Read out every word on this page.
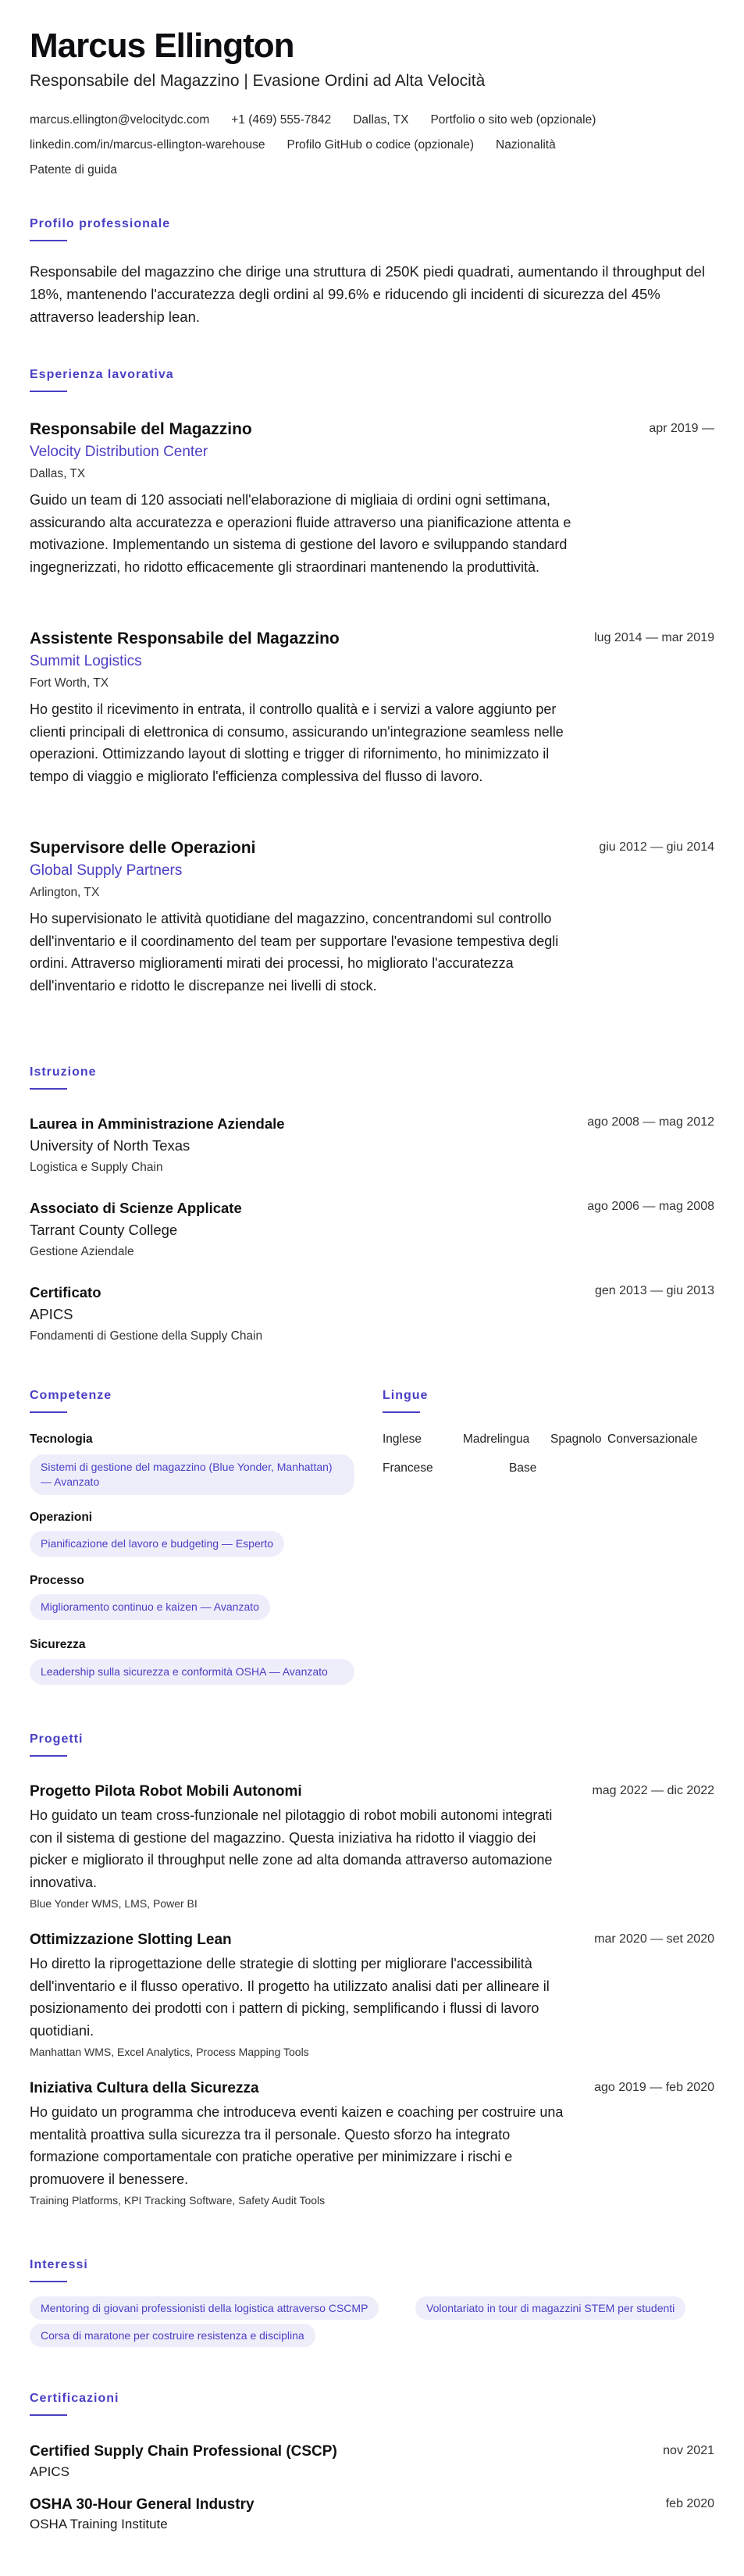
Marcus Ellington
Responsabile del Magazzino | Evasione Ordini ad Alta Velocità
marcus.ellington@velocitydc.com +1 (469) 555-7842 Dallas, TX Portfolio o sito web (opzionale)
linkedin.com/in/marcus-ellington-warehouse Profilo GitHub o codice (opzionale) Nazionalità
Patente di guida
Profilo professionale
Responsabile del magazzino che dirige una struttura di 250K piedi quadrati, aumentando il throughput del 18%, mantenendo l'accuratezza degli ordini al 99.6% e riducendo gli incidenti di sicurezza del 45% attraverso leadership lean.
Esperienza lavorativa
Responsabile del Magazzino	apr 2019 —
Velocity Distribution Center
Dallas, TX
Guido un team di 120 associati nell'elaborazione di migliaia di ordini ogni settimana, assicurando alta accuratezza e operazioni fluide attraverso una pianificazione attenta e motivazione. Implementando un sistema di gestione del lavoro e sviluppando standard ingegnerizzati, ho ridotto efficacemente gli straordinari mantenendo la produttività.
Assistente Responsabile del Magazzino	lug 2014 — mar 2019
Summit Logistics
Fort Worth, TX
Ho gestito il ricevimento in entrata, il controllo qualità e i servizi a valore aggiunto per clienti principali di elettronica di consumo, assicurando un'integrazione seamless nelle operazioni. Ottimizzando layout di slotting e trigger di rifornimento, ho minimizzato il tempo di viaggio e migliorato l'efficienza complessiva del flusso di lavoro.
Supervisore delle Operazioni	giu 2012 — giu 2014
Global Supply Partners
Arlington, TX
Ho supervisionato le attività quotidiane del magazzino, concentrandomi sul controllo dell'inventario e il coordinamento del team per supportare l'evasione tempestiva degli ordini. Attraverso miglioramenti mirati dei processi, ho migliorato l'accuratezza dell'inventario e ridotto le discrepanze nei livelli di stock.
Istruzione
Laurea in Amministrazione Aziendale	ago 2008 — mag 2012
University of North Texas
Logistica e Supply Chain
Associato di Scienze Applicate	ago 2006 — mag 2008
Tarrant County College
Gestione Aziendale
Certificato	gen 2013 — giu 2013
APICS
Fondamenti di Gestione della Supply Chain
Competenze
Tecnologia
Sistemi di gestione del magazzino (Blue Yonder, Manhattan) — Avanzato
Operazioni
Pianificazione del lavoro e budgeting — Esperto
Processo
Miglioramento continuo e kaizen — Avanzato
Sicurezza
Leadership sulla sicurezza e conformità OSHA — Avanzato
Lingue
Inglese	Madrelingua Spagnolo Conversazionale
Francese	Base
Progetti
Progetto Pilota Robot Mobili Autonomi	mag 2022 — dic 2022
Ho guidato un team cross-funzionale nel pilotaggio di robot mobili autonomi integrati con il sistema di gestione del magazzino. Questa iniziativa ha ridotto il viaggio dei picker e migliorato il throughput nelle zone ad alta domanda attraverso automazione innovativa.
Blue Yonder WMS, LMS, Power BI
Ottimizzazione Slotting Lean	mar 2020 — set 2020
Ho diretto la riprogettazione delle strategie di slotting per migliorare l'accessibilità dell'inventario e il flusso operativo. Il progetto ha utilizzato analisi dati per allineare il posizionamento dei prodotti con i pattern di picking, semplificando i flussi di lavoro quotidiani.
Manhattan WMS, Excel Analytics, Process Mapping Tools
Iniziativa Cultura della Sicurezza	ago 2019 — feb 2020
Ho guidato un programma che introduceva eventi kaizen e coaching per costruire una mentalità proattiva sulla sicurezza tra il personale. Questo sforzo ha integrato formazione comportamentale con pratiche operative per minimizzare i rischi e promuovere il benessere.
Training Platforms, KPI Tracking Software, Safety Audit Tools
Interessi
Mentoring di giovani professionisti della logistica attraverso CSCMP	Volontariato in tour di magazzini STEM per studenti
Corsa di maratone per costruire resistenza e disciplina
Certificazioni
Certified Supply Chain Professional (CSCP)	nov 2021
APICS
OSHA 30-Hour General Industry	feb 2020
OSHA Training Institute
